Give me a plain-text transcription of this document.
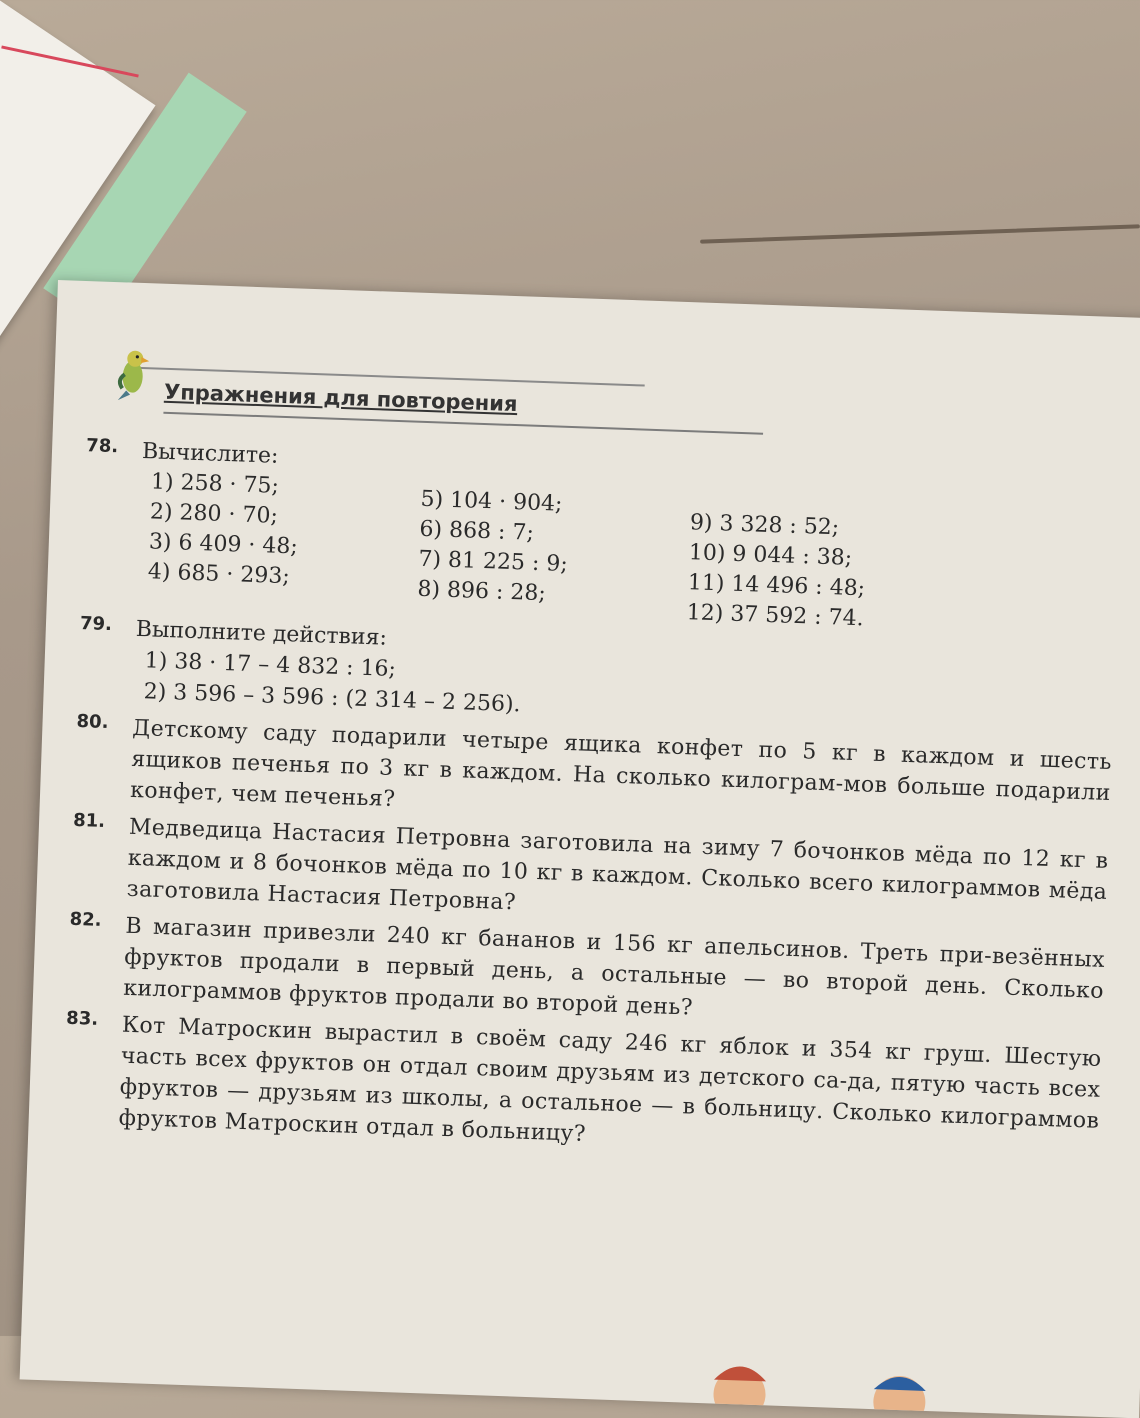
Упражнения для повторения
78. Вычислите:
1) 258 · 75;
2) 280 · 70;
3) 6 409 · 48;
4) 685 · 293;
5) 104 · 904;
6) 868 : 7;
7) 81 225 : 9;
8) 896 : 28;
9) 3 328 : 52;
10) 9 044 : 38;
11) 14 496 : 48;
12) 37 592 : 74.
79. Выполните действия:
1) 38 · 17 – 4 832 : 16;
2) 3 596 – 3 596 : (2 314 – 2 256).
80. Детскому саду подарили четыре ящика конфет по 5 кг в каждом и шесть ящиков печенья по 3 кг в каждом. На сколько килограм-мов больше подарили конфет, чем печенья?
81. Медведица Настасия Петровна заготовила на зиму 7 бочонков мёда по 12 кг в каждом и 8 бочонков мёда по 10 кг в каждом. Сколько всего килограммов мёда заготовила Настасия Петровна?
82. В магазин привезли 240 кг бананов и 156 кг апельсинов. Треть при-везённых фруктов продали в первый день, а остальные — во второй день. Сколько килограммов фруктов продали во второй день?
83. Кот Матроскин вырастил в своём саду 246 кг яблок и 354 кг груш. Шестую часть всех фруктов он отдал своим друзьям из детского са-да, пятую часть всех фруктов — друзьям из школы, а остальное — в больницу. Сколько килограммов фруктов Матроскин отдал в больницу?
